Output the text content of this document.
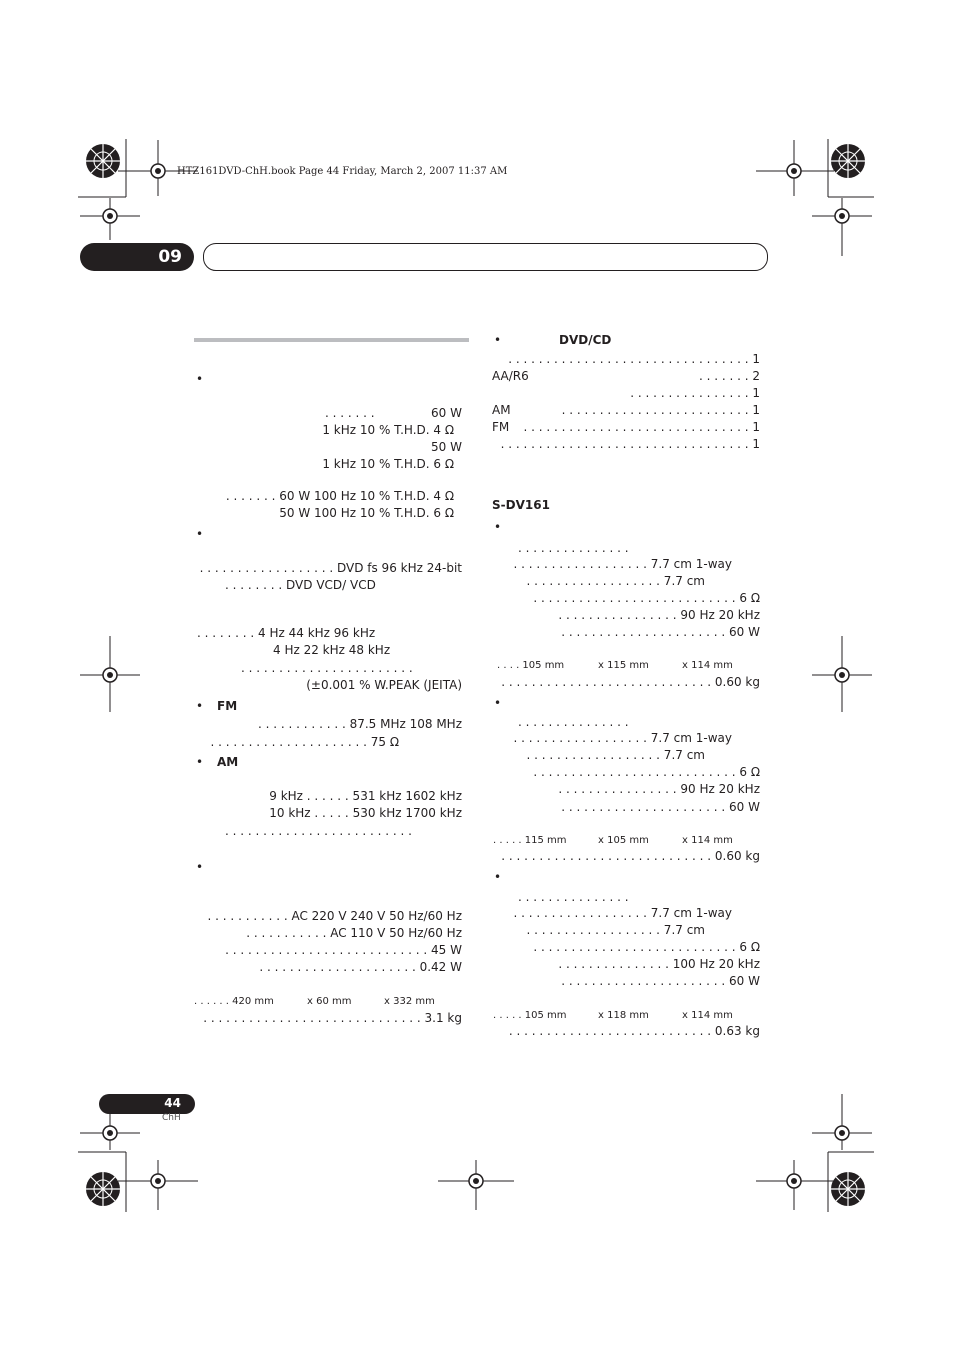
HTZ161DVD-ChH.book Page 44 Friday, March 2, 2007 11:37 AM
09
•
. . . . . . .	60 W
1 kHz 10 % T.H.D. 4 Ω
50 W
1 kHz 10 % T.H.D. 6 Ω
. . . . . . . 60 W 100 Hz 10 % T.H.D. 4 Ω
50 W 100 Hz 10 % T.H.D. 6 Ω
•
. . . . . . . . . . . . . . . . . . DVD fs 96 kHz 24-bit
. . . . . . . . DVD VCD/ VCD
. . . . . . . . 4 Hz 44 kHz 96 kHz
4 Hz 22 kHz 48 kHz
. . . . . . . . . . . . . . . . . . . . . . .
(±0.001 % W.PEAK (JEITA)
• FM
. . . . . . . . . . . . 87.5 MHz 108 MHz
. . . . . . . . . . . . . . . . . . . . . 75 Ω
• AM
9 kHz . . . . . . 531 kHz 1602 kHz
10 kHz . . . . . 530 kHz 1700 kHz
. . . . . . . . . . . . . . . . . . . . . . . . .
•
. . . . . . . . . . . AC 220 V 240 V 50 Hz/60 Hz
. . . . . . . . . . . AC 110 V 50 Hz/60 Hz
. . . . . . . . . . . . . . . . . . . . . . . . . . . 45 W
. . . . . . . . . . . . . . . . . . . . . 0.42 W
. . . . . . 420 mm	x 60 mm	x 332 mm
. . . . . . . . . . . . . . . . . . . . . . . . . . . . . 3.1 kg
•	DVD/CD
. . . . . . . . . . . . . . . . . . . . . . . . . . . . . . . . 1
AA/R6	. . . . . . . 2
. . . . . . . . . . . . . . . . 1
AM	. . . . . . . . . . . . . . . . . . . . . . . . . 1
FM . . . . . . . . . . . . . . . . . . . . . . . . . . . . . . 1
. . . . . . . . . . . . . . . . . . . . . . . . . . . . . . . . . 1
S-DV161
•
. . . . . . . . . . . . . . .
. . . . . . . . . . . . . . . . . . 7.7 cm 1-way
. . . . . . . . . . . . . . . . . . 7.7 cm
. . . . . . . . . . . . . . . . . . . . . . . . . . . 6 Ω
. . . . . . . . . . . . . . . . 90 Hz 20 kHz
. . . . . . . . . . . . . . . . . . . . . . 60 W
. . . . 105 mm	x 115 mm	x 114 mm
. . . . . . . . . . . . . . . . . . . . . . . . . . . . 0.60 kg
•
. . . . . . . . . . . . . . .
. . . . . . . . . . . . . . . . . . 7.7 cm 1-way
. . . . . . . . . . . . . . . . . . 7.7 cm
. . . . . . . . . . . . . . . . . . . . . . . . . . . 6 Ω
. . . . . . . . . . . . . . . . 90 Hz 20 kHz
. . . . . . . . . . . . . . . . . . . . . . 60 W
. . . . . 115 mm	x 105 mm	x 114 mm
. . . . . . . . . . . . . . . . . . . . . . . . . . . . 0.60 kg
•
. . . . . . . . . . . . . . .
. . . . . . . . . . . . . . . . . . 7.7 cm 1-way
. . . . . . . . . . . . . . . . . . 7.7 cm
. . . . . . . . . . . . . . . . . . . . . . . . . . . 6 Ω
. . . . . . . . . . . . . . . 100 Hz 20 kHz
. . . . . . . . . . . . . . . . . . . . . . 60 W
. . . . . 105 mm	x 118 mm	x 114 mm
. . . . . . . . . . . . . . . . . . . . . . . . . . . 0.63 kg
44
ChH
